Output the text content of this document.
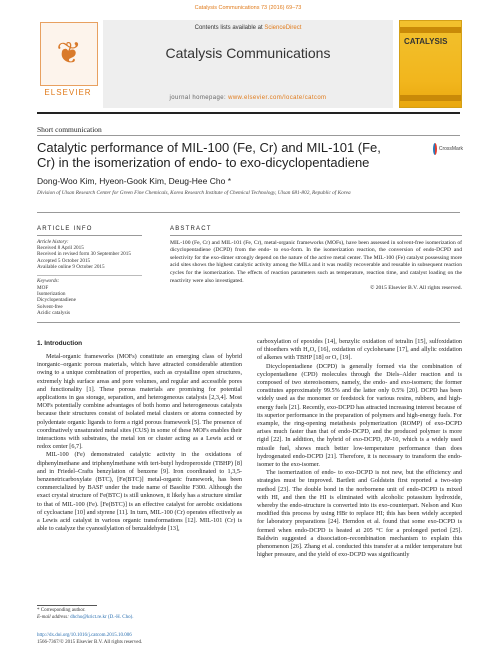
Catalysis Communications 73 (2016) 69–73
❦
ELSEVIER
Contents lists available at ScienceDirect
Catalysis Communications
journal homepage: www.elsevier.com/locate/catcom
CATALYSIS
Short communication
Catalytic performance of MIL-100 (Fe, Cr) and MIL-101 (Fe, Cr) in the isomerization of endo- to exo-dicyclopentadiene
CrossMark
Dong-Woo Kim, Hyeon-Gook Kim, Deug-Hee Cho *
Division of Ulsan Research Center for Green Fine Chemicals, Korea Research Institute of Chemical Technology, Ulsan 681-802, Republic of Korea
ARTICLE INFO
Article history:
Received 8 April 2015
Received in revised form 30 September 2015
Accepted 5 October 2015
Available online 9 October 2015
Keywords:
MOF
Isomerization
Dicyclopentadiene
Solvent-free
Acidic catalysis
ABSTRACT
MIL-100 (Fe, Cr) and MIL-101 (Fe, Cr), metal-organic frameworks (MOFs), have been assessed in solvent-free isomerization of dicyclopentadiene (DCPD) from the endo- to exo-form. In the isomerization reaction, the conversion of endo-DCPD and selectivity for the exo-dimer strongly depend on the nature of the active metal center. The MIL-100 (Fe) catalyst possessing more acid sites shows the highest catalytic activity among the MILs and it was readily recoverable and reusable in subsequent reaction cycles for the isomerization. The effects of reaction parameters such as temperature, reaction time, and catalyst loading on the reactivity were also investigated.
© 2015 Elsevier B.V. All rights reserved.
1. Introduction

Metal-organic frameworks (MOFs) constitute an emerging class of hybrid inorganic–organic porous materials, which have attracted considerable attention owing to a unique combination of properties, such as crystalline open structures, extremely high surface areas and pore volumes, and regular and accessible pores and functionality [1]. These porous materials are promising for potential applications in gas storage, separation, and heterogeneous catalysis [2,3,4]. Most MOFs potentially combine advantages of both homo and heterogeneous catalysts because their structures consist of isolated metal clusters or atoms connected by polydentate organic ligands to form a rigid porous framework [5]. The presence of coordinatively unsaturated metal sites (CUS) in some of these MOFs enables their interactions with substrates, the metal ion or cluster acting as a Lewis acid or redox center [6,7].

MIL-100 (Fe) demonstrated catalytic activity in the oxidations of diphenylmethane and triphenylmethane with tert-butyl hydroperoxide (TBHP) [8] and in Friedel–Crafts benzylation of benzene [9]. Iron coordinated to 1,3,5-benzenetricarboxylate (BTC), [Fe(BTC)] metal-organic framework, has been commercialized by BASF under the trade name of Basolite F300. Although the exact crystal structure of Fe(BTC) is still unknown, it likely has a structure similar to that of MIL-100 (Fe). [Fe(BTC)] is an effective catalyst for aerobic oxidations of cycloactane [10] and styrene [11]. In turn, MIL-100 (Cr) operates effectively as a Lewis acid catalyst in various organic transformations [12]. MIL-101 (Cr) is able to catalyze the cyanosilylation of benzaldehyde [13],

carboxylation of epoxides [14], benzylic oxidation of tetralin [15], sulfoxidation of thioethers with H₂O₂ [16], oxidation of cyclohexane [17], and allylic oxidation of alkenes with TBHP [18] or O₂ [19].

Dicyclopentadiene (DCPD) is generally formed via the combination of cyclopentadiene (CPD) molecules through the Diels–Alder reaction and is composed of two stereoisomers, namely, the endo- and exo-isomers; the former constitutes approximately 99.5% and the latter only 0.5% [20]. DCPD has been widely used as the monomer or feedstock for various resins, rubbers, and high-energy fuels [21]. Recently, exo-DCPD has attracted increasing interest because of its superior performance in the preparation of polymers and high-energy fuels. For example, the ring-opening metathesis polymerization (ROMP) of exo-DCPD arises much faster than that of endo-DCPD, and the produced polymer is more rigid [22]. In addition, the hybrid of exo-DCPD, JP-10, which is a widely used missile fuel, shows much better low-temperature performance than does hydrogenated endo-DCPD [21]. Therefore, it is necessary to transform the endo-isomer to the exo-isomer.

The isomerization of endo- to exo-DCPD is not new, but the efficiency and strategies must be improved. Bartlett and Goldstein first reported a two-step method [23]. The double bond in the norbornene unit of endo-DCPD is mixed with HI, and then the HI is eliminated with alcoholic potassium hydroxide, whereby the endo-structure is converted into its exo-counterpart. Nelson and Kuo modified this process by using HBr to replace HI; this has been widely accepted for laboratory preparations [24]. Herndon et al. found that some exo-DCPD is formed when endo-DCPD is heated at 205 °C for a prolonged period [25]. Baldwin suggested a dissociation–recombination mechanism to explain this phenomenon [26]. Zhang et al. conducted this transfer at a milder temperature but higher pressure, and the yield of exo-DCPD was significantly

* Corresponding author.
E-mail address: dhcho@krict.re.kr (D.-H. Cho).
http://dx.doi.org/10.1016/j.catcom.2015.10.006
1566-7367/© 2015 Elsevier B.V. All rights reserved.
